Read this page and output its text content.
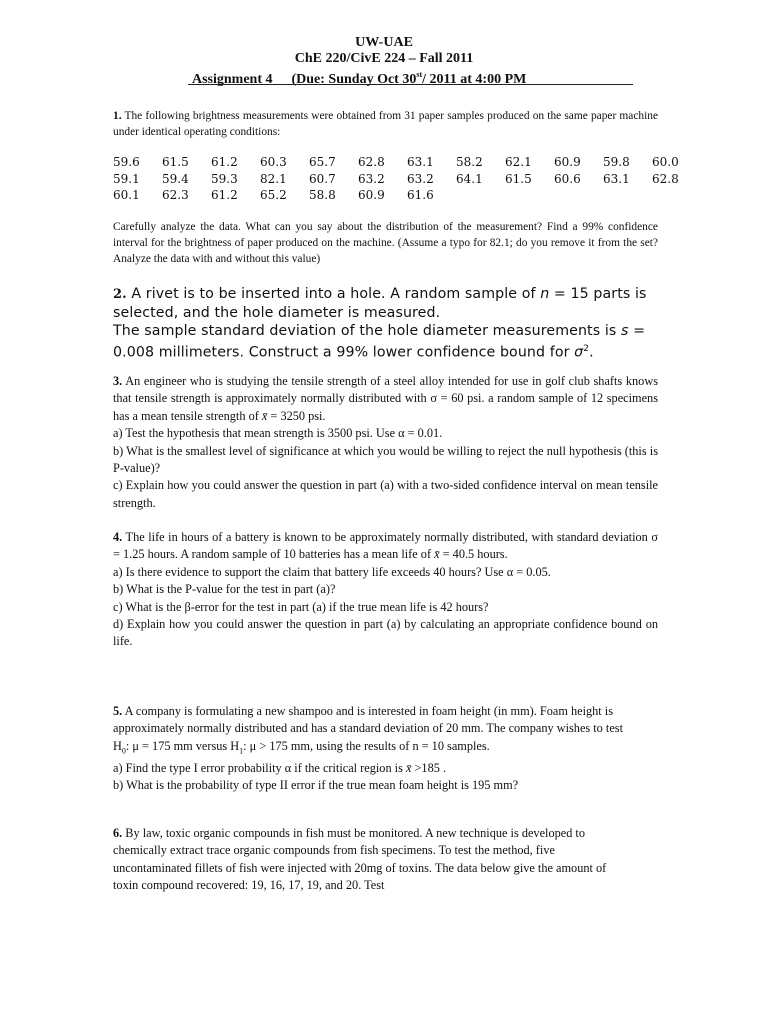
UW-UAE
ChE 220/CivE 224 – Fall 2011
Assignment 4 (Due: Sunday Oct 30st/ 2011 at 4:00 PM
1. The following brightness measurements were obtained from 31 paper samples produced on the same paper machine under identical operating conditions:
59.6	61.5	61.2	60.3	65.7	62.8	63.1	58.2	62.1	60.9	59.8	60.0
59.1	59.4	59.3	82.1	60.7	63.2	63.2	64.1	61.5	60.6	63.1	62.8
60.1	62.3	61.2	65.2	58.8	60.9	61.6					
Carefully analyze the data. What can you say about the distribution of the measurement? Find a 99% confidence interval for the brightness of paper produced on the machine. (Assume a typo for 82.1; do you remove it from the set? Analyze the data with and without this value)

2. A rivet is to be inserted into a hole. A random sample of n = 15 parts is selected, and the hole diameter is measured.

The sample standard deviation of the hole diameter measurements is s = 0.008 millimeters. Construct a 99% lower confidence bound for $\sigma^2$.

3. An engineer who is studying the tensile strength of a steel alloy intended for use in golf club shafts knows that tensile strength is approximately normally distributed with σ = 60 psi. a random sample of 12 specimens has a mean tensile strength of x̄ = 3250 psi.

a) Test the hypothesis that mean strength is 3500 psi. Use α = 0.01.

b) What is the smallest level of significance at which you would be willing to reject the null hypothesis (this is P-value)?

c) Explain how you could answer the question in part (a) with a two-sided confidence interval on mean tensile strength.

4. The life in hours of a battery is known to be approximately normally distributed, with standard deviation σ = 1.25 hours. A random sample of 10 batteries has a mean life of x̄ = 40.5 hours.

a) Is there evidence to support the claim that battery life exceeds 40 hours? Use α = 0.05.

b) What is the P-value for the test in part (a)?

c) What is the β-error for the test in part (a) if the true mean life is 42 hours?

d) Explain how you could answer the question in part (a) by calculating an appropriate confidence bound on life.

5. A company is formulating a new shampoo and is interested in foam height (in mm). Foam height is approximately normally distributed and has a standard deviation of 20 mm. The company wishes to test $H_0$: μ = 175 mm versus $H_1$: μ > 175 mm, using the results of n = 10 samples.

a) Find the type I error probability α if the critical region is x̄ >185 .

b) What is the probability of type II error if the true mean foam height is 195 mm?

6. By law, toxic organic compounds in fish must be monitored. A new technique is developed to chemically extract trace organic compounds from fish specimens. To test the method, five uncontaminated fillets of fish were injected with 20mg of toxins. The data below give the amount of toxin compound recovered: 19, 16, 17, 19, and 20. Test
